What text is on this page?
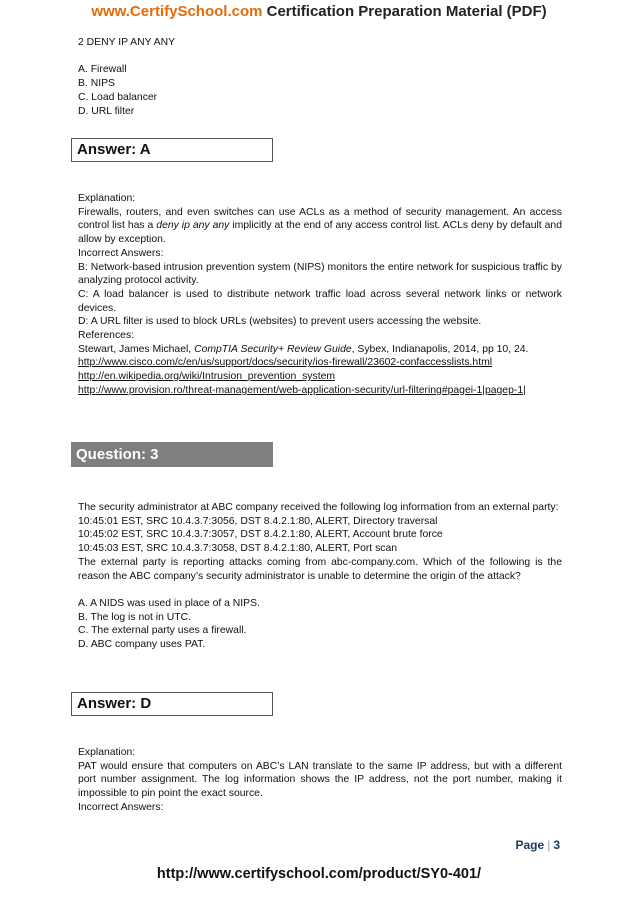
www.CertifySchool.com Certification Preparation Material (PDF)

2 DENY IP ANY ANY

A. Firewall

B. NIPS

C. Load balancer

D. URL filter

Answer: A

Explanation:

Firewalls, routers, and even switches can use ACLs as a method of security management. An access control list has a deny ip any any implicitly at the end of any access control list. ACLs deny by default and allow by exception.

Incorrect Answers:

B: Network-based intrusion prevention system (NIPS) monitors the entire network for suspicious traffic by analyzing protocol activity.

C: A load balancer is used to distribute network traffic load across several network links or network devices.

D: A URL filter is used to block URLs (websites) to prevent users accessing the website.

References:

Stewart, James Michael, CompTIA Security+ Review Guide, Sybex, Indianapolis, 2014, pp 10, 24.

http://www.cisco.com/c/en/us/support/docs/security/ios-firewall/23602-confaccesslists.html
http://en.wikipedia.org/wiki/Intrusion_prevention_system
http://www.provision.ro/threat-management/web-application-security/url-filtering#pagei-1|pagep-1|
Question: 3

The security administrator at ABC company received the following log information from an external party:

10:45:01 EST, SRC 10.4.3.7:3056, DST 8.4.2.1:80, ALERT, Directory traversal

10:45:02 EST, SRC 10.4.3.7:3057, DST 8.4.2.1:80, ALERT, Account brute force

10:45:03 EST, SRC 10.4.3.7:3058, DST 8.4.2.1:80, ALERT, Port scan

The external party is reporting attacks coming from abc-company.com. Which of the following is the reason the ABC company’s security administrator is unable to determine the origin of the attack?

A. A NIDS was used in place of a NIPS.

B. The log is not in UTC.

C. The external party uses a firewall.

D. ABC company uses PAT.

Answer: D

Explanation:

PAT would ensure that computers on ABC’s LAN translate to the same IP address, but with a different port number assignment. The log information shows the IP address, not the port number, making it impossible to pin point the exact source.

Incorrect Answers:

Page | 3
http://www.certifyschool.com/product/SY0-401/
